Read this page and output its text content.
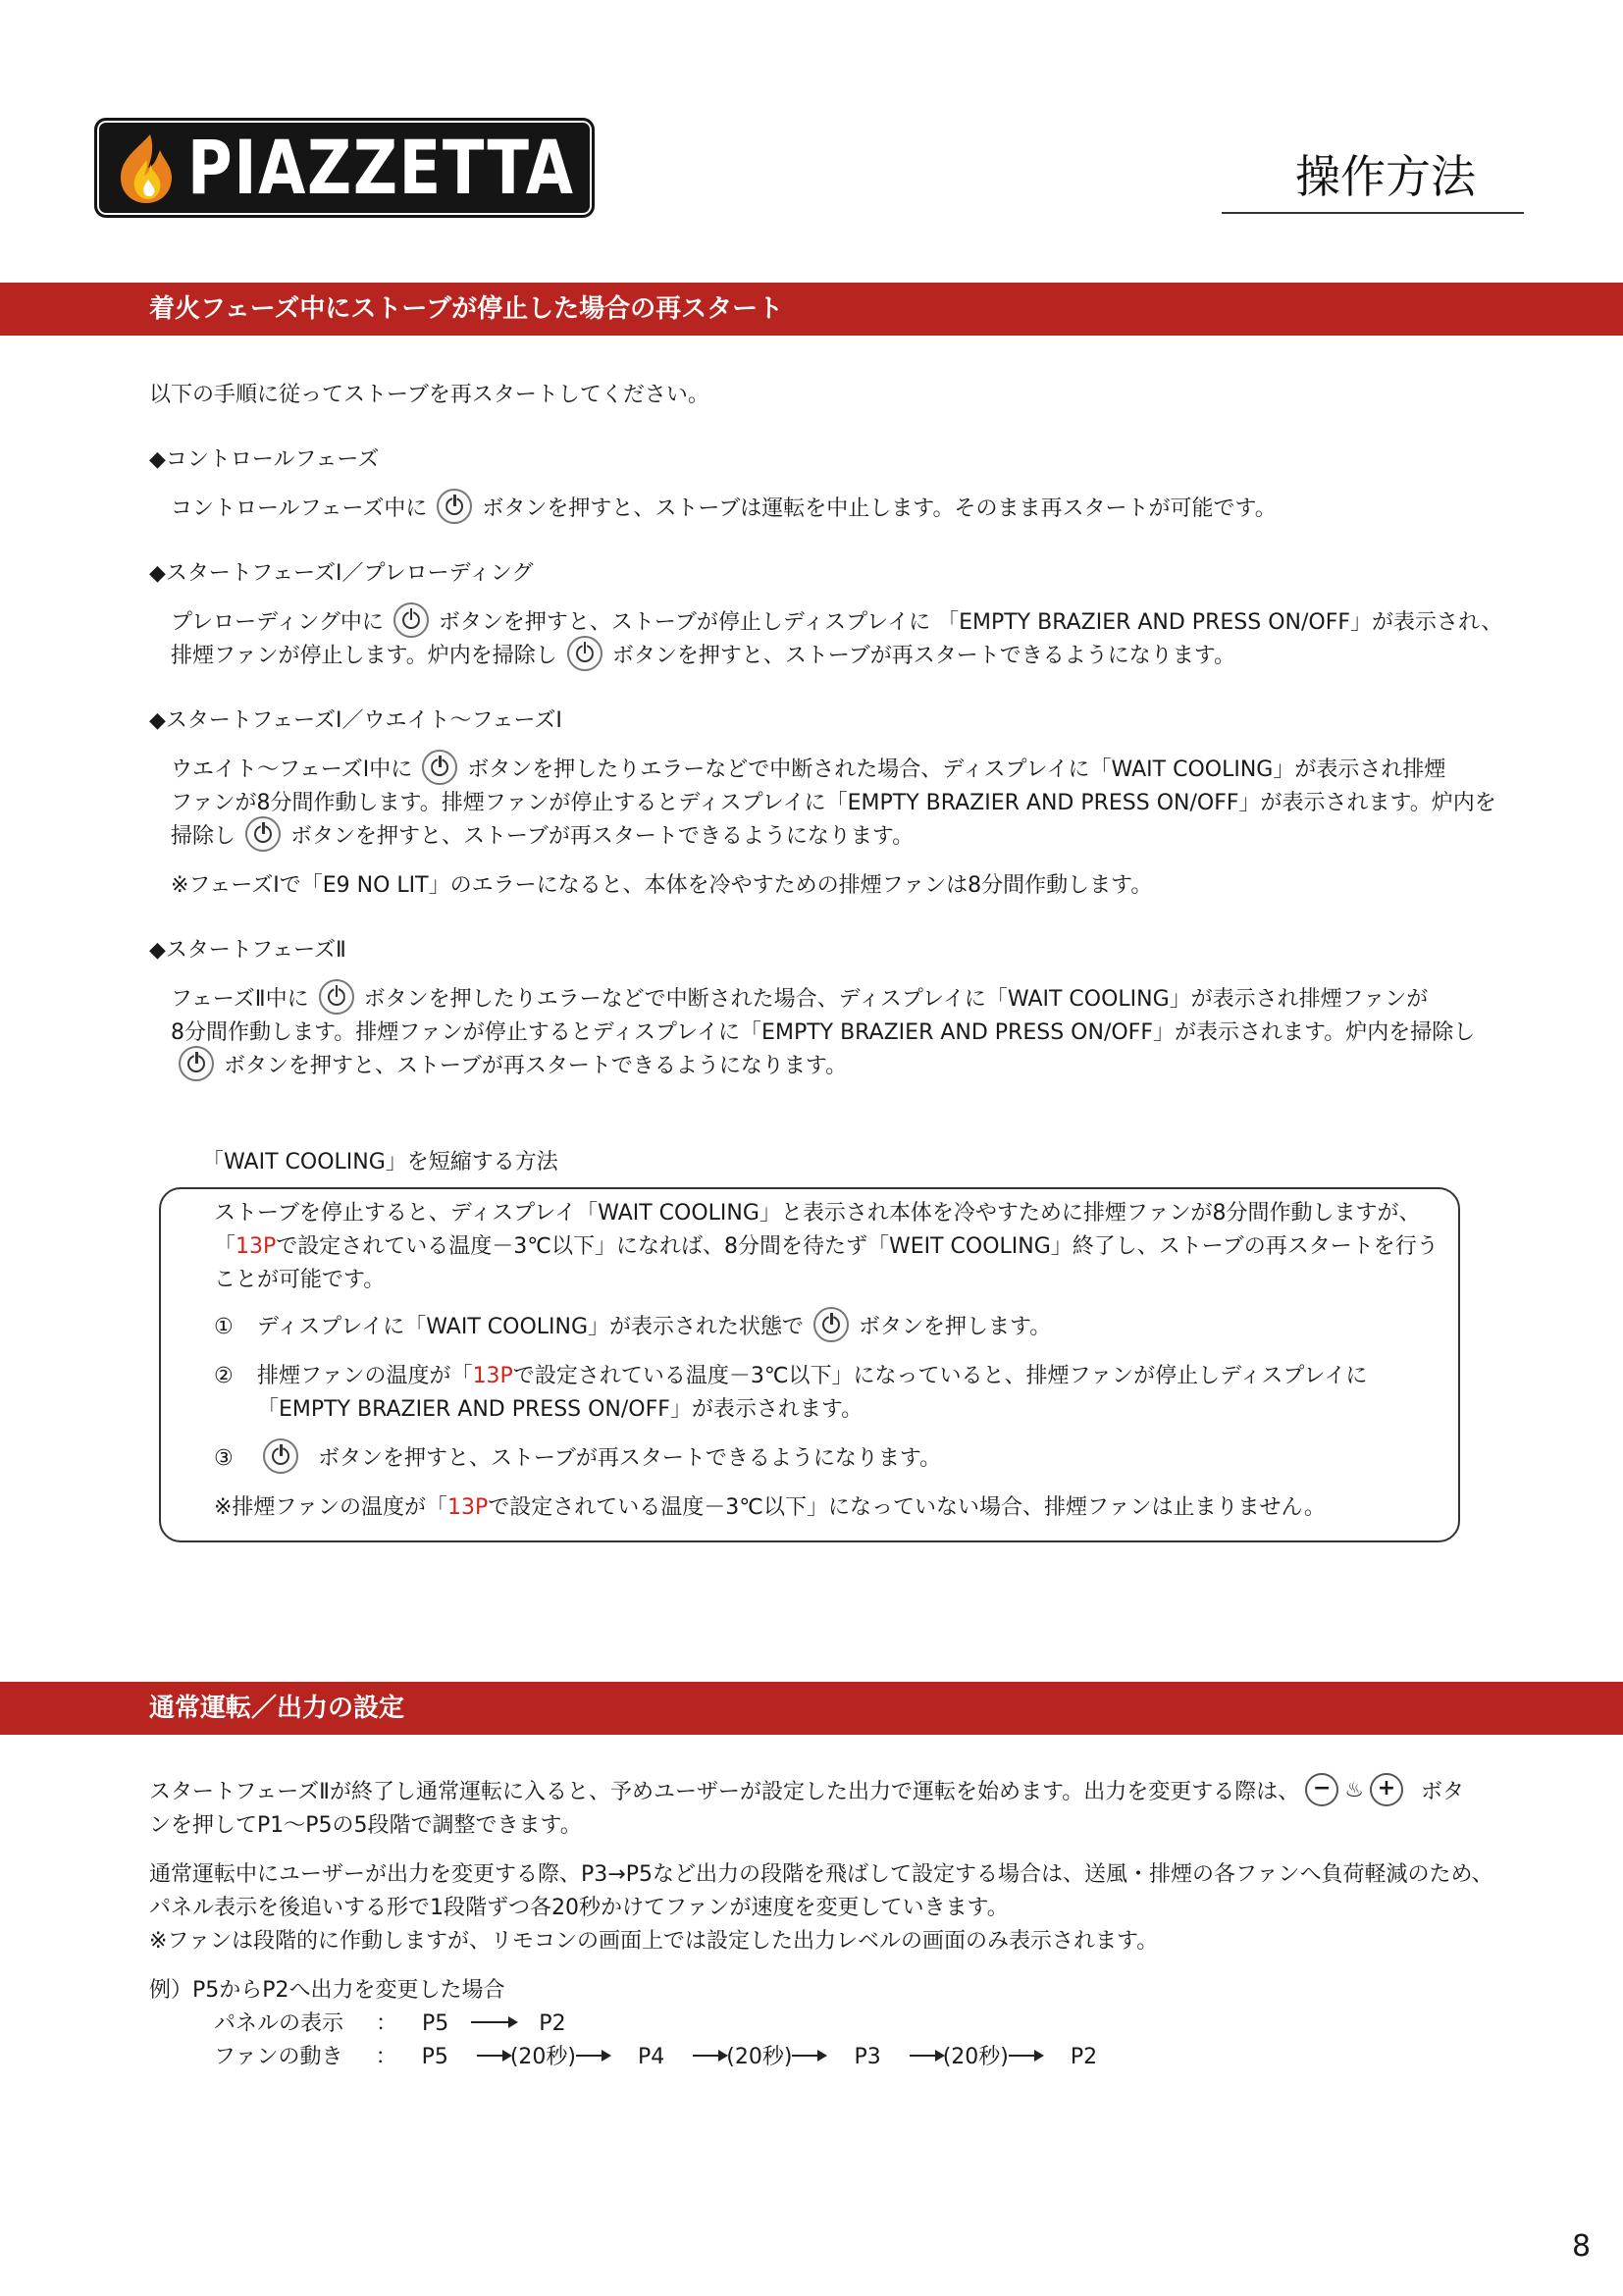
PIAZZETTA	操作方法
着火フェーズ中にストーブが停止した場合の再スタート
以下の手順に従ってストーブを再スタートしてください。
◆コントロールフェーズ
コントロールフェーズ中に	ボタンを押すと、ストーブは運転を中止します。そのまま再スタートが可能です。
◆スタートフェーズⅠ／プレローディング
プレローディング中に	ボタンを押すと、ストーブが停止しディスプレイに 「EMPTY BRAZIER AND PRESS ON/OFF」が表示され、
排煙ファンが停止します。炉内を掃除し	ボタンを押すと、ストーブが再スタートできるようになります。
◆スタートフェーズⅠ／ウエイト～フェーズⅠ
ウエイト～フェーズⅠ中に	ボタンを押したりエラーなどで中断された場合、ディスプレイに「WAIT COOLING」が表示され排煙
ファンが8分間作動します。排煙ファンが停止するとディスプレイに「EMPTY BRAZIER AND PRESS ON/OFF」が表示されます。炉内を
掃除し	ボタンを押すと、ストーブが再スタートできるようになります。
※フェーズⅠで「E9 NO LIT」のエラーになると、本体を冷やすための排煙ファンは8分間作動します。
◆スタートフェーズⅡ
フェーズⅡ中に	ボタンを押したりエラーなどで中断された場合、ディスプレイに「WAIT COOLING」が表示され排煙ファンが
8分間作動します。排煙ファンが停止するとディスプレイに「EMPTY BRAZIER AND PRESS ON/OFF」が表示されます。炉内を掃除し
ボタンを押すと、ストーブが再スタートできるようになります。
「WAIT COOLING」を短縮する方法
ストーブを停止すると、ディスプレイ「WAIT COOLING」と表示され本体を冷やすために排煙ファンが8分間作動しますが、
「13Pで設定されている温度－3℃以下」になれば、8分間を待たず「WEIT COOLING」終了し、ストーブの再スタートを行う
ことが可能です。
① ディスプレイに「WAIT COOLING」が表示された状態で	ボタンを押します。
② 排煙ファンの温度が「13Pで設定されている温度－3℃以下」になっていると、排煙ファンが停止しディスプレイに
「EMPTY BRAZIER AND PRESS ON/OFF」が表示されます。
③	ボタンを押すと、ストーブが再スタートできるようになります。
※排煙ファンの温度が「13Pで設定されている温度－3℃以下」になっていない場合、排煙ファンは止まりません。
通常運転／出力の設定
スタートフェーズⅡが終了し通常運転に入ると、予めユーザーが設定した出力で運転を始めます。出力を変更する際は、 − ♨ + ボタ
ンを押してP1～P5の5段階で調整できます。
通常運転中にユーザーが出力を変更する際、P3→P5など出力の段階を飛ばして設定する場合は、送風・排煙の各ファンへ負荷軽減のため、
パネル表示を後追いする形で1段階ずつ各20秒かけてファンが速度を変更していきます。
※ファンは段階的に作動しますが、リモコンの画面上では設定した出力レベルの画面のみ表示されます。
例）P5からP2へ出力を変更した場合
パネルの表示 ： P5	P2
ファンの動き ： P5	(20秒)	P4	(20秒)	P3	(20秒)	P2
8
